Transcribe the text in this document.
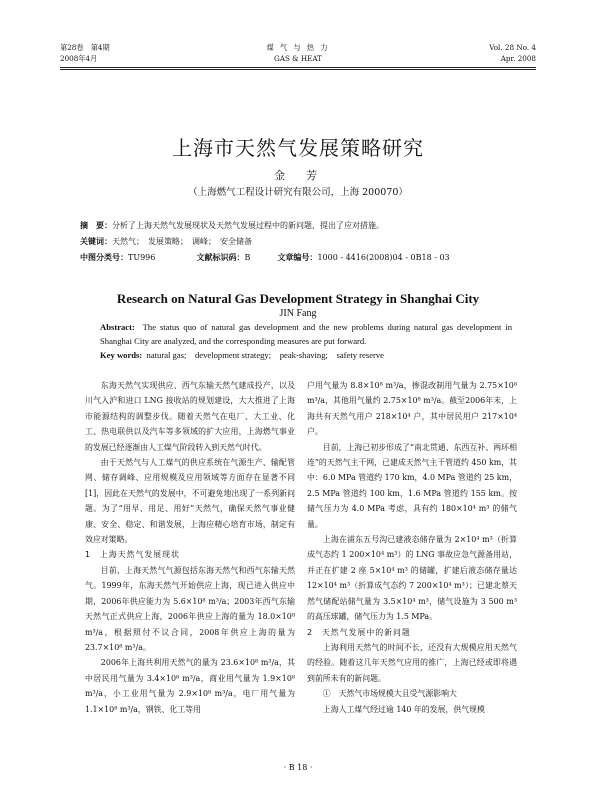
第28卷　第4期
2008年4月
煤 气 与 热 力
GAS & HEAT
Vol. 28 No. 4
Apr. 2008
上海市天然气发展策略研究
金　芳
（上海燃气工程设计研究有限公司，上海 200070）
摘　要：分析了上海天然气发展现状及天然气发展过程中的新问题，提出了应对措施。
关键词：天然气；　发展策略；　调峰；　安全储备
中图分类号：TU996	文献标识码：B	文章编号：1000 - 4416(2008)04 - 0B18 - 03
Research on Natural Gas Development Strategy in Shanghai City
JIN Fang
Abstract: The status quo of natural gas development and the new problems during natural gas development in Shanghai City are analyzed, and the corresponding measures are put forward.
Key words: natural gas;　development strategy;　peak-shaving;　safety reserve

东海天然气实现供应、西气东输天然气建成投产，以及川气入沪和进口 LNG 接收站的规划建设，大大推进了上海市能源结构的调整步伐。随着天然气在电厂、大工业、化工、热电联供以及汽车等多领域的扩大应用，上海燃气事业的发展已经逐渐由人工煤气阶段转入到天然气时代。

由于天然气与人工煤气的供应系统在气源生产、输配管网、储存调峰、应用规模及应用领域等方面存在显著不同[1]，因此在天然气的发展中，不可避免地出现了一系列新问题。为了“用早、用足、用好”天然气，确保天然气事业健康、安全、稳定、和谐发展，上海应精心培育市场，制定有效应对策略。

1　上海天然气发展现状

目前，上海天然气气源包括东海天然气和西气东输天然气。1999年，东海天然气开始供应上海，现已进入供应中期，2006年供应能力为 5.6×10⁸ m³/a；2003年西气东输天然气正式供应上海，2006年供应上海的量为 18.0×10⁸ m³/a，根据照付不议合同，2008年供应上海的量为 23.7×10⁸ m³/a。

2006年上海共利用天然气的量为 23.6×10⁸ m³/a，其中居民用气量为 3.4×10⁸ m³/a，商业用气量为 1.9×10⁸ m³/a，小工业用气量为 2.9×10⁸ m³/a，电厂用气量为 1.1×10⁸ m³/a，钢铁、化工等用

户用气量为 8.8×10⁸ m³/a，掺混改制用气量为 2.75×10⁸ m³/a，其他用气量约 2.75×10⁸ m³/a。截至2006年末，上海共有天然气用户 218×10⁴ 户，其中居民用户 217×10⁴ 户。

目前，上海已初步形成了“南北贯通、东西互补、两环相连”的天然气主干网，已建成天然气主干管道约 450 km，其中：6.0 MPa 管道约 170 km，4.0 MPa 管道约 25 km，2.5 MPa 管道约 100 km，1.6 MPa 管道约 155 km。按储气压力为 4.0 MPa 考虑，具有约 180×10⁴ m³ 的储气量。

上海在浦东五号沟已建液态储存量为 2×10⁴ m³（折算成气态约 1 200×10⁴ m³）的 LNG 事故应急气源备用站，并正在扩建 2 座 5×10⁴ m³ 的储罐，扩建后液态储存量达 12×10⁴ m³（折算成气态约 7 200×10⁴ m³）；已建北蔡天然气储配站储气量为 3.5×10⁴ m³，储气设施为 3 500 m³ 的高压球罐，储气压力为 1.5 MPa。

2　天然气发展中的新问题

上海利用天然气的时间不长，还没有大规模应用天然气的经验。随着这几年天然气应用的推广，上海已经或即将遇到前所未有的新问题。

①　天然气市场规模大且受气源影响大

上海人工煤气经过逾 140 年的发展，供气规模

· B 18 ·
